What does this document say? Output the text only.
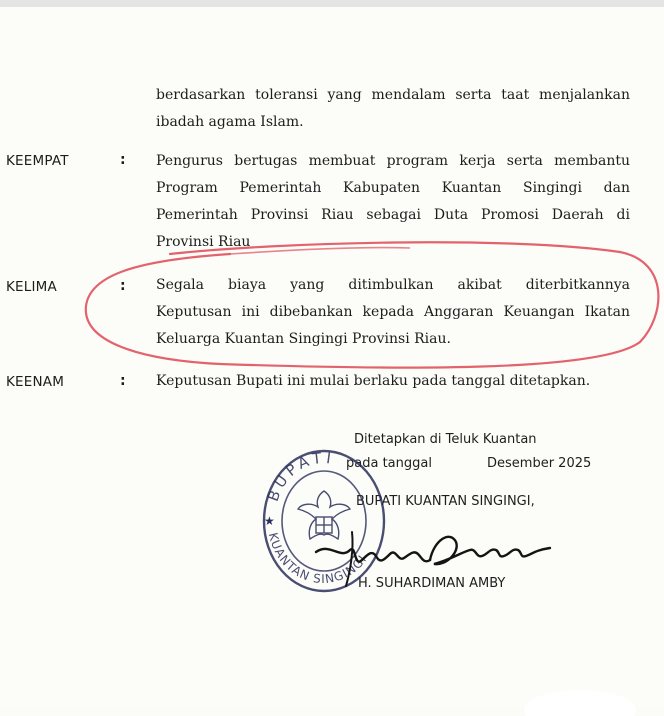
berdasarkan toleransi yang mendalam serta taat menjalankan
ibadah agama Islam.
KEEMPAT	: Pengurus bertugas membuat program kerja serta membantu
Program Pemerintah Kabupaten Kuantan Singingi dan
Pemerintah Provinsi Riau sebagai Duta Promosi Daerah di
Provinsi Riau
KELIMA	: Segala biaya yang ditimbulkan akibat diterbitkannya
Keputusan ini dibebankan kepada Anggaran Keuangan Ikatan
Keluarga Kuantan Singingi Provinsi Riau.
KEENAM	: Keputusan Bupati ini mulai berlaku pada tanggal ditetapkan.
Ditetapkan di Teluk Kuantan
pada tanggal	Desember 2025
BUPATI KUANTAN SINGINGI,
H. SUHARDIMAN AMBY
BUPATI
KUANTAN SINGINGI
★
